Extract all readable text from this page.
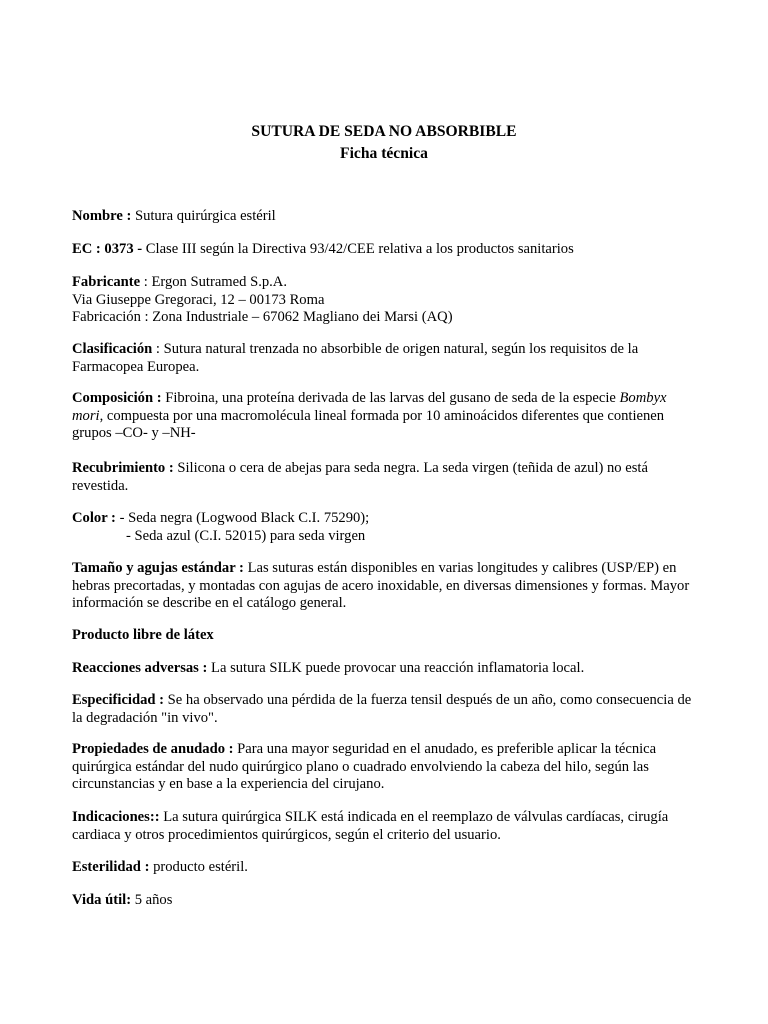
SUTURA DE SEDA NO ABSORBIBLE
Ficha técnica

Nombre : Sutura quirúrgica estéril

EC : 0373 - Clase III según la Directiva 93/42/CEE relativa a los productos sanitarios

Fabricante : Ergon Sutramed S.p.A.

Via Giuseppe Gregoraci, 12 – 00173 Roma

Fabricación : Zona Industriale – 67062 Magliano dei Marsi (AQ)

Clasificación : Sutura natural trenzada no absorbible de origen natural, según los requisitos de la Farmacopea Europea.

Composición : Fibroina, una proteína derivada de las larvas del gusano de seda de la especie Bombyx mori, compuesta por una macromolécula lineal formada por 10 aminoácidos diferentes que contienen grupos –CO- y –NH-

Recubrimiento : Silicona o cera de abejas para seda negra. La seda virgen (teñida de azul) no está revestida.

Color : - Seda negra (Logwood Black C.I. 75290);

- Seda azul (C.I. 52015) para seda virgen

Tamaño y agujas estándar : Las suturas están disponibles en varias longitudes y calibres (USP/EP) en hebras precortadas, y montadas con agujas de acero inoxidable, en diversas dimensiones y formas. Mayor información se describe en el catálogo general.

Producto libre de látex

Reacciones adversas : La sutura SILK puede provocar una reacción inflamatoria local.

Especificidad : Se ha observado una pérdida de la fuerza tensil después de un año, como consecuencia de la degradación "in vivo".

Propiedades de anudado : Para una mayor seguridad en el anudado, es preferible aplicar la técnica quirúrgica estándar del nudo quirúrgico plano o cuadrado envolviendo la cabeza del hilo, según las circunstancias y en base a la experiencia del cirujano.

Indicaciones:: La sutura quirúrgica SILK está indicada en el reemplazo de válvulas cardíacas, cirugía cardiaca y otros procedimientos quirúrgicos, según el criterio del usuario.

Esterilidad : producto estéril.

Vida útil: 5 años
